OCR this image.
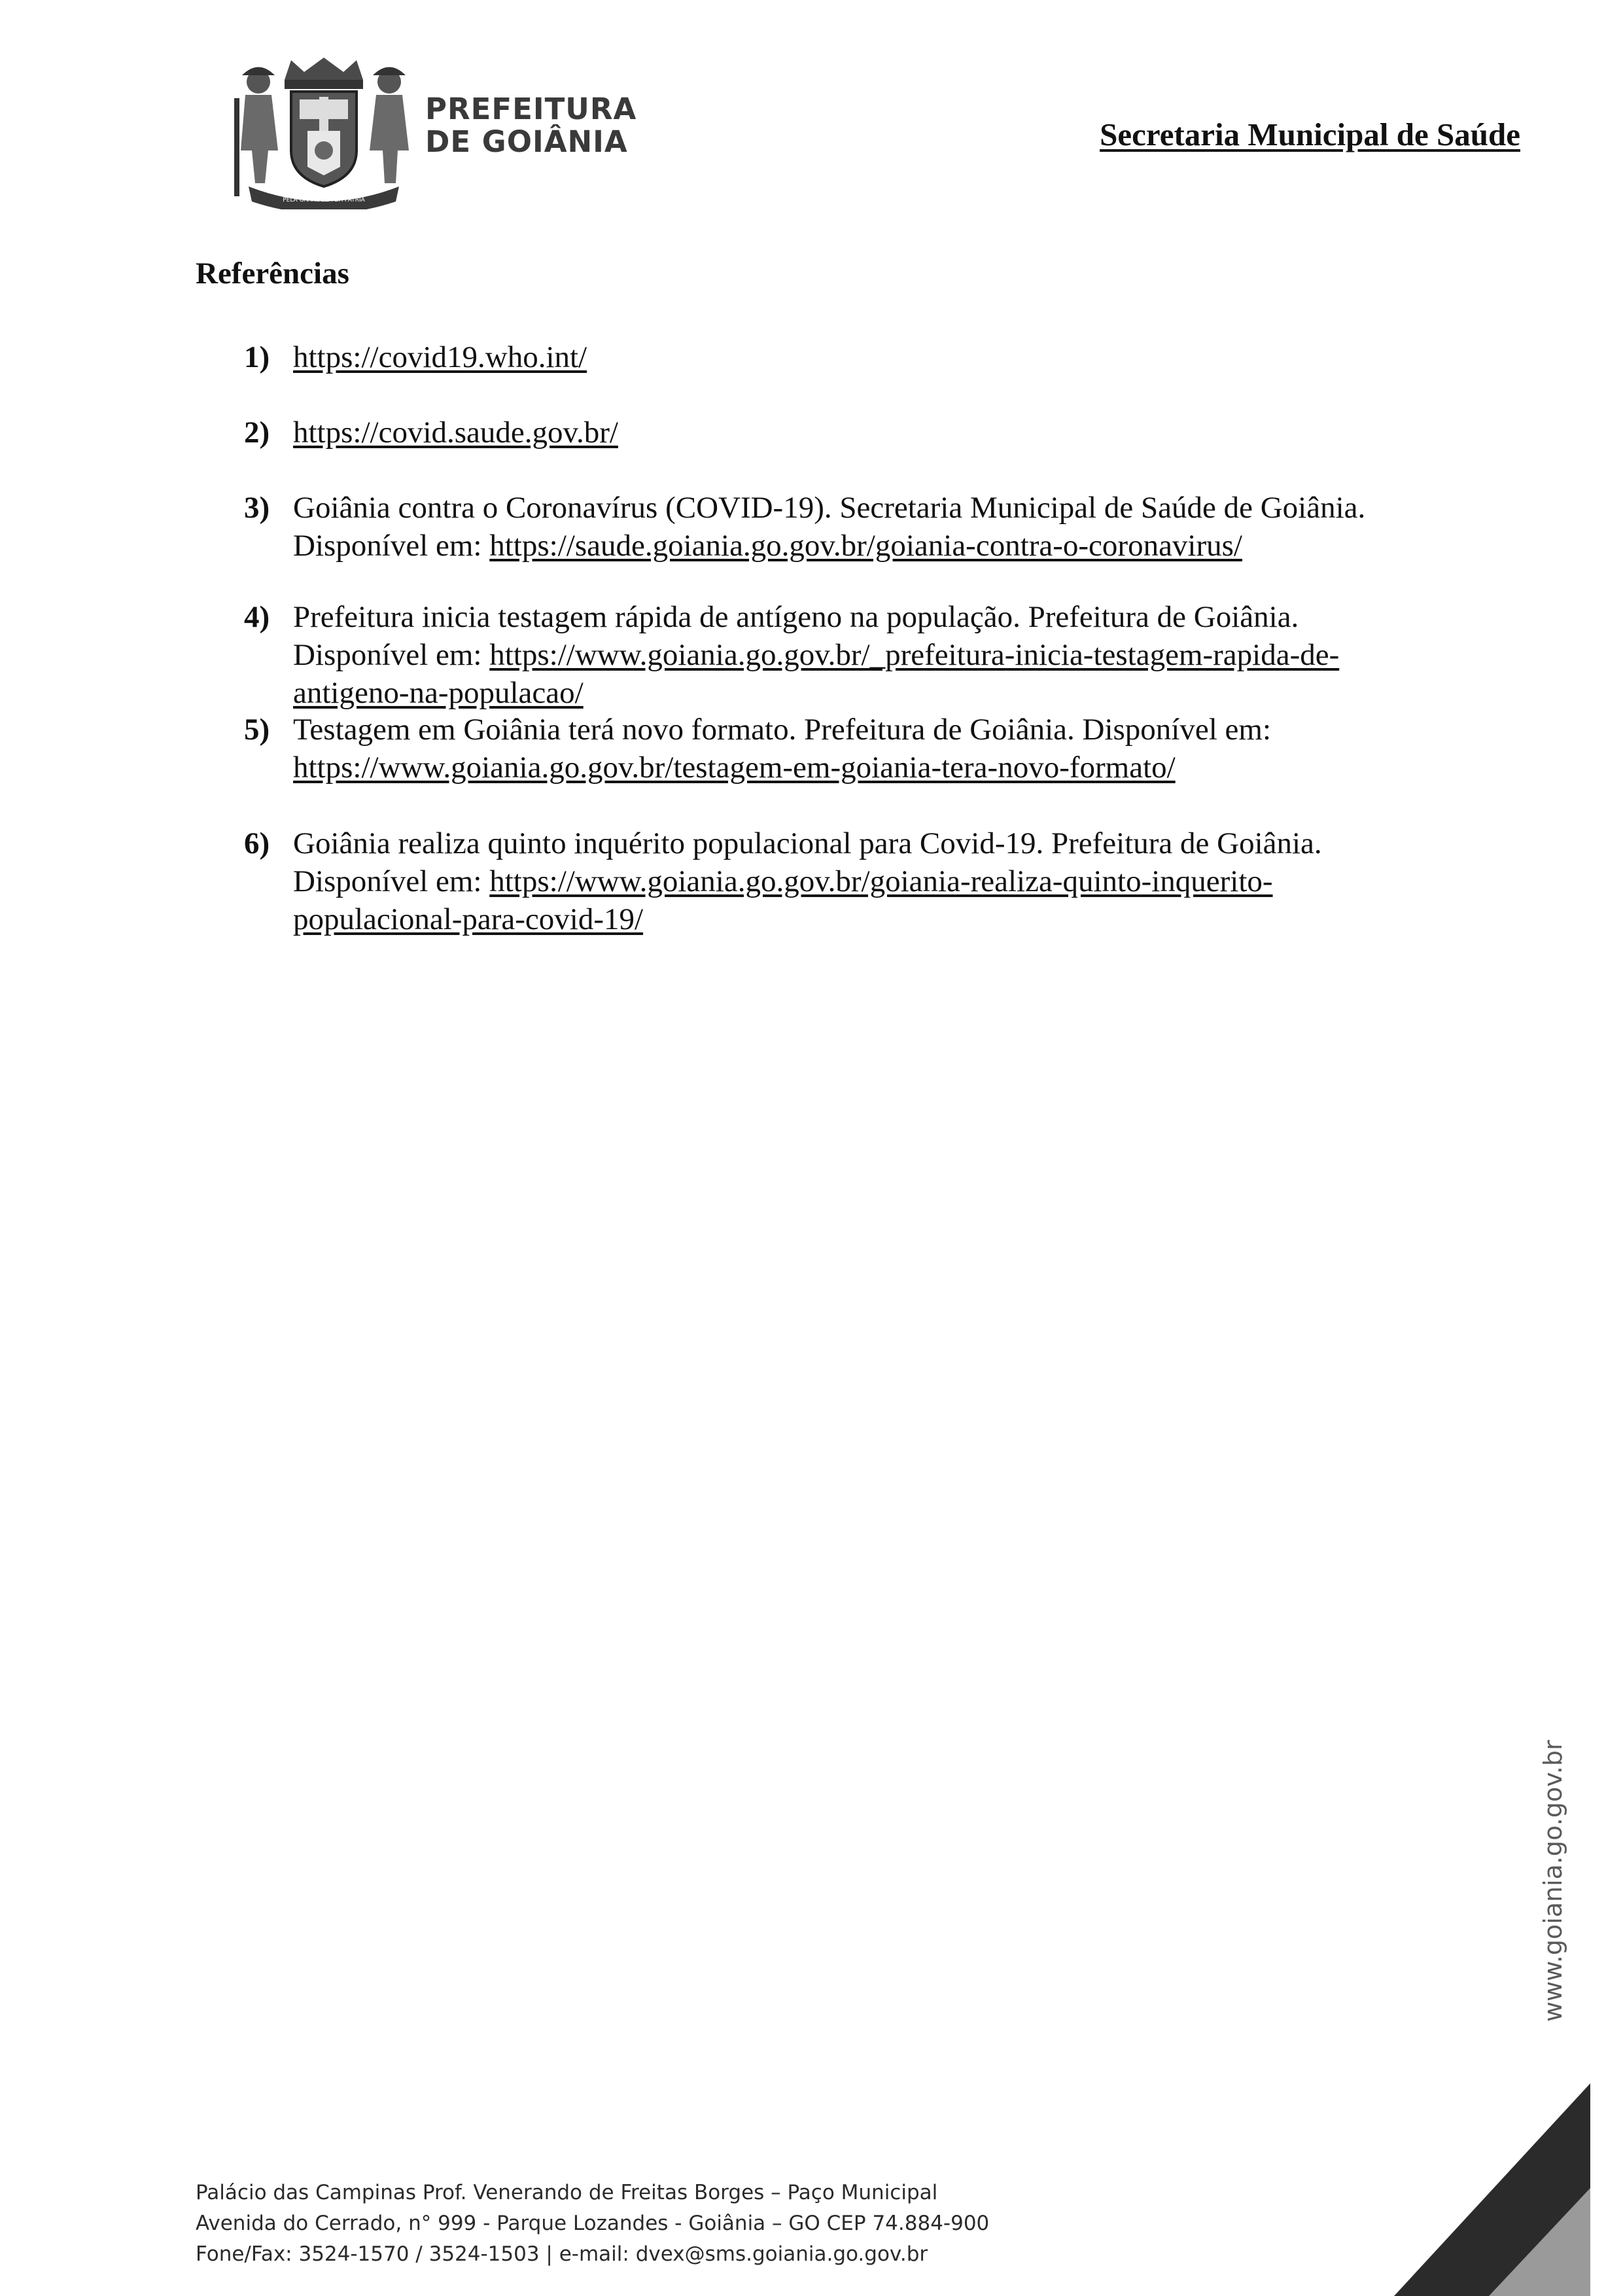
PELA GRANDEZA DA PÁTRIA
PREFEITURA
DE GOIÂNIA	Secretaria Municipal de Saúde
Referências
1) https://covid19.who.int/
2) https://covid.saude.gov.br/
3) Goiânia contra o Coronavírus (COVID-19). Secretaria Municipal de Saúde de Goiânia.
Disponível em: https://saude.goiania.go.gov.br/goiania-contra-o-coronavirus/
4) Prefeitura inicia testagem rápida de antígeno na população. Prefeitura de Goiânia.
Disponível em: https://www.goiania.go.gov.br/_prefeitura-inicia-testagem-rapida-de-
antigeno-na-populacao/
5) Testagem em Goiânia terá novo formato. Prefeitura de Goiânia. Disponível em:
https://www.goiania.go.gov.br/testagem-em-goiania-tera-novo-formato/
6) Goiânia realiza quinto inquérito populacional para Covid-19. Prefeitura de Goiânia.
Disponível em: https://www.goiania.go.gov.br/goiania-realiza-quinto-inquerito-
populacional-para-covid-19/
www.goiania.go.gov.br
Palácio das Campinas Prof. Venerando de Freitas Borges – Paço Municipal
Avenida do Cerrado, n° 999 - Parque Lozandes - Goiânia – GO CEP 74.884-900
Fone/Fax: 3524-1570 / 3524-1503 | e-mail: dvex@sms.goiania.go.gov.br
